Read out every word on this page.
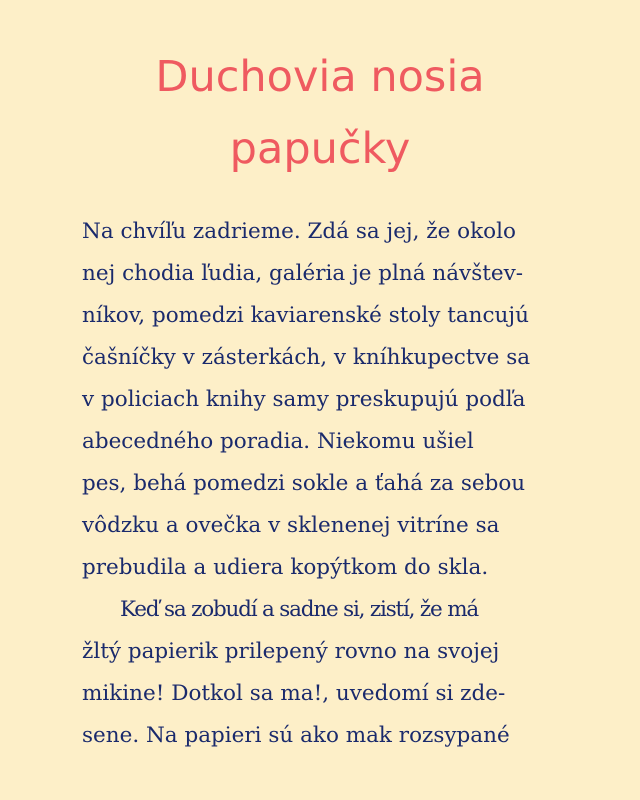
Duchovia nosia
papučky
Na chvíľu zadrieme. Zdá sa jej, že okolo
nej chodia ľudia, galéria je plná návštev-
níkov, pomedzi kaviarenské stoly tancujú
čašníčky v zásterkách, v kníhkupectve sa
v policiach knihy samy preskupujú podľa
abecedného poradia. Niekomu ušiel
pes, behá pomedzi sokle a ťahá za sebou
vôdzku a ovečka v sklenenej vitríne sa
prebudila a udiera kopýtkom do skla.
Keď sa zobudí a sadne si, zistí, že má
žltý papierik prilepený rovno na svojej
mikine! Dotkol sa ma!, uvedomí si zde-
sene. Na papieri sú ako mak rozsypané
